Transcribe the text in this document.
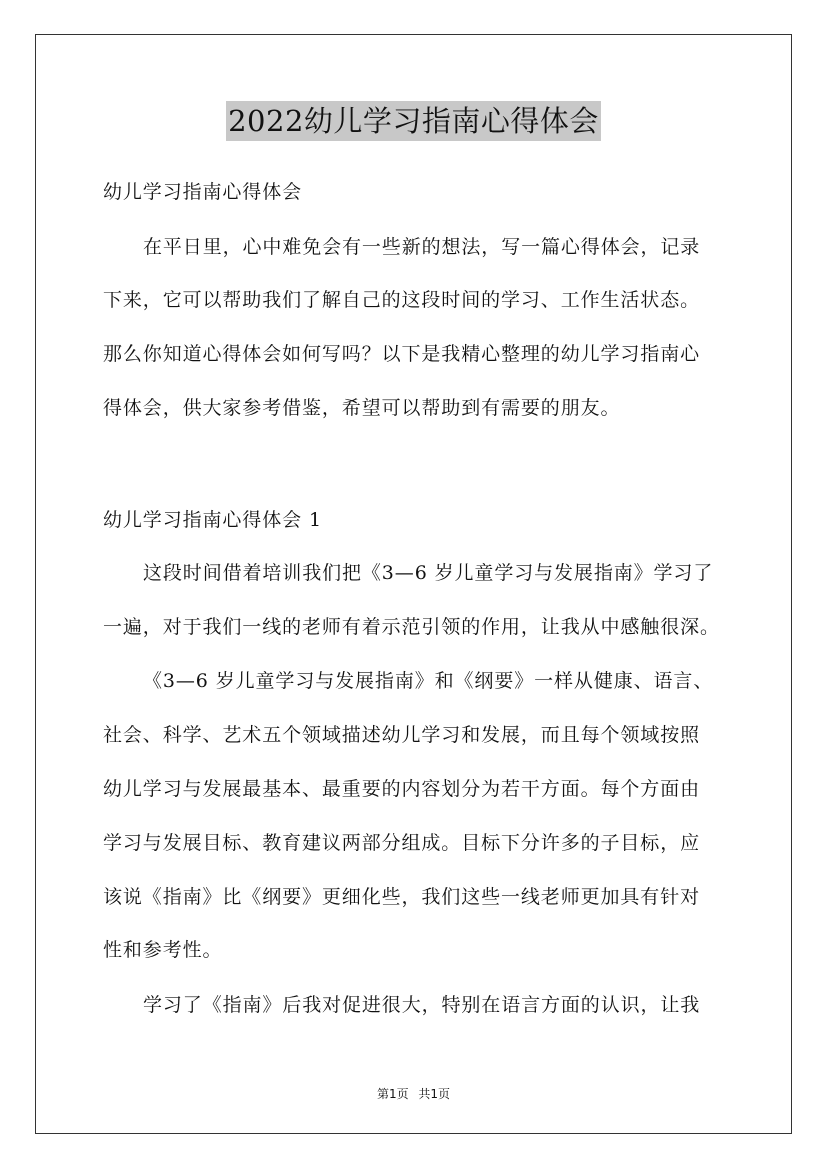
2022幼儿学习指南心得体会
幼儿学习指南心得体会
在平日里，心中难免会有一些新的想法，写一篇心得体会，记录
下来，它可以帮助我们了解自己的这段时间的学习、工作生活状态。
那么你知道心得体会如何写吗？以下是我精心整理的幼儿学习指南心
得体会，供大家参考借鉴，希望可以帮助到有需要的朋友。
幼儿学习指南心得体会 1
这段时间借着培训我们把《3—6 岁儿童学习与发展指南》学习了
一遍，对于我们一线的老师有着示范引领的作用，让我从中感触很深。
《3—6 岁儿童学习与发展指南》和《纲要》一样从健康、语言、
社会、科学、艺术五个领域描述幼儿学习和发展，而且每个领域按照
幼儿学习与发展最基本、最重要的内容划分为若干方面。每个方面由
学习与发展目标、教育建议两部分组成。目标下分许多的子目标，应
该说《指南》比《纲要》更细化些，我们这些一线老师更加具有针对
性和参考性。
学习了《指南》后我对促进很大，特别在语言方面的认识，让我
第1页 共1页
